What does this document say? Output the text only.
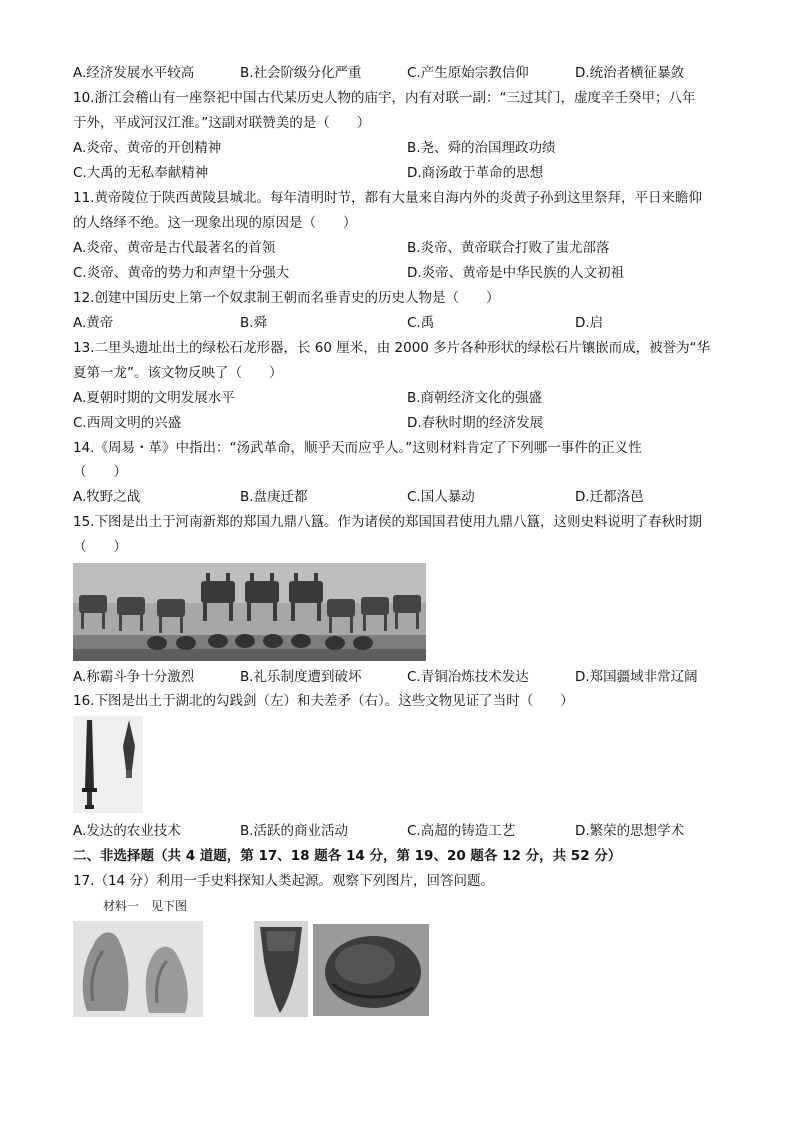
A.经济发展水平较高	B.社会阶级分化严重	C.产生原始宗教信仰	D.统治者横征暴敛
10.浙江会稽山有一座祭祀中国古代某历史人物的庙宇，内有对联一副：“三过其门，虚度辛壬癸甲；八年
于外，平成河汉江淮。”这副对联赞美的是（　　）
A.炎帝、黄帝的开创精神	B.尧、舜的治国理政功绩
C.大禹的无私奉献精神	D.商汤敢于革命的思想
11.黄帝陵位于陕西黄陵县城北。每年清明时节，都有大量来自海内外的炎黄子孙到这里祭拜，平日来瞻仰
的人络绎不绝。这一现象出现的原因是（　　）
A.炎帝、黄帝是古代最著名的首领	B.炎帝、黄帝联合打败了蚩尤部落
C.炎帝、黄帝的势力和声望十分强大	D.炎帝、黄帝是中华民族的人文初祖
12.创建中国历史上第一个奴隶制王朝而名垂青史的历史人物是（　　）
A.黄帝	B.舜	C.禹	D.启
13.二里头遗址出土的绿松石龙形器，长 60 厘米，由 2000 多片各种形状的绿松石片镶嵌而成，被誉为“华
夏第一龙”。该文物反映了（　　）
A.夏朝时期的文明发展水平	B.商朝经济文化的强盛
C.西周文明的兴盛	D.春秋时期的经济发展
14.《周易・革》中指出：“汤武革命，顺乎天而应乎人。”这则材料肯定了下列哪一事件的正义性
（　　）
A.牧野之战	B.盘庚迁都	C.国人暴动	D.迁都洛邑
15.下图是出土于河南新郑的郑国九鼎八簋。作为诸侯的郑国国君使用九鼎八簋，这则史料说明了春秋时期
（　　）
A.称霸斗争十分激烈	B.礼乐制度遭到破坏	C.青铜冶炼技术发达	D.郑国疆域非常辽阔
16.下图是出土于湖北的勾践剑（左）和夫差矛（右）。这些文物见证了当时（　　）
A.发达的农业技术	B.活跃的商业活动	C.高超的铸造工艺	D.繁荣的思想学术
二、非选择题（共 4 道题，第 17、18 题各 14 分，第 19、20 题各 12 分，共 52 分）
17.（14 分）利用一手史料探知人类起源。观察下列图片，回答问题。
材料一　见下图
